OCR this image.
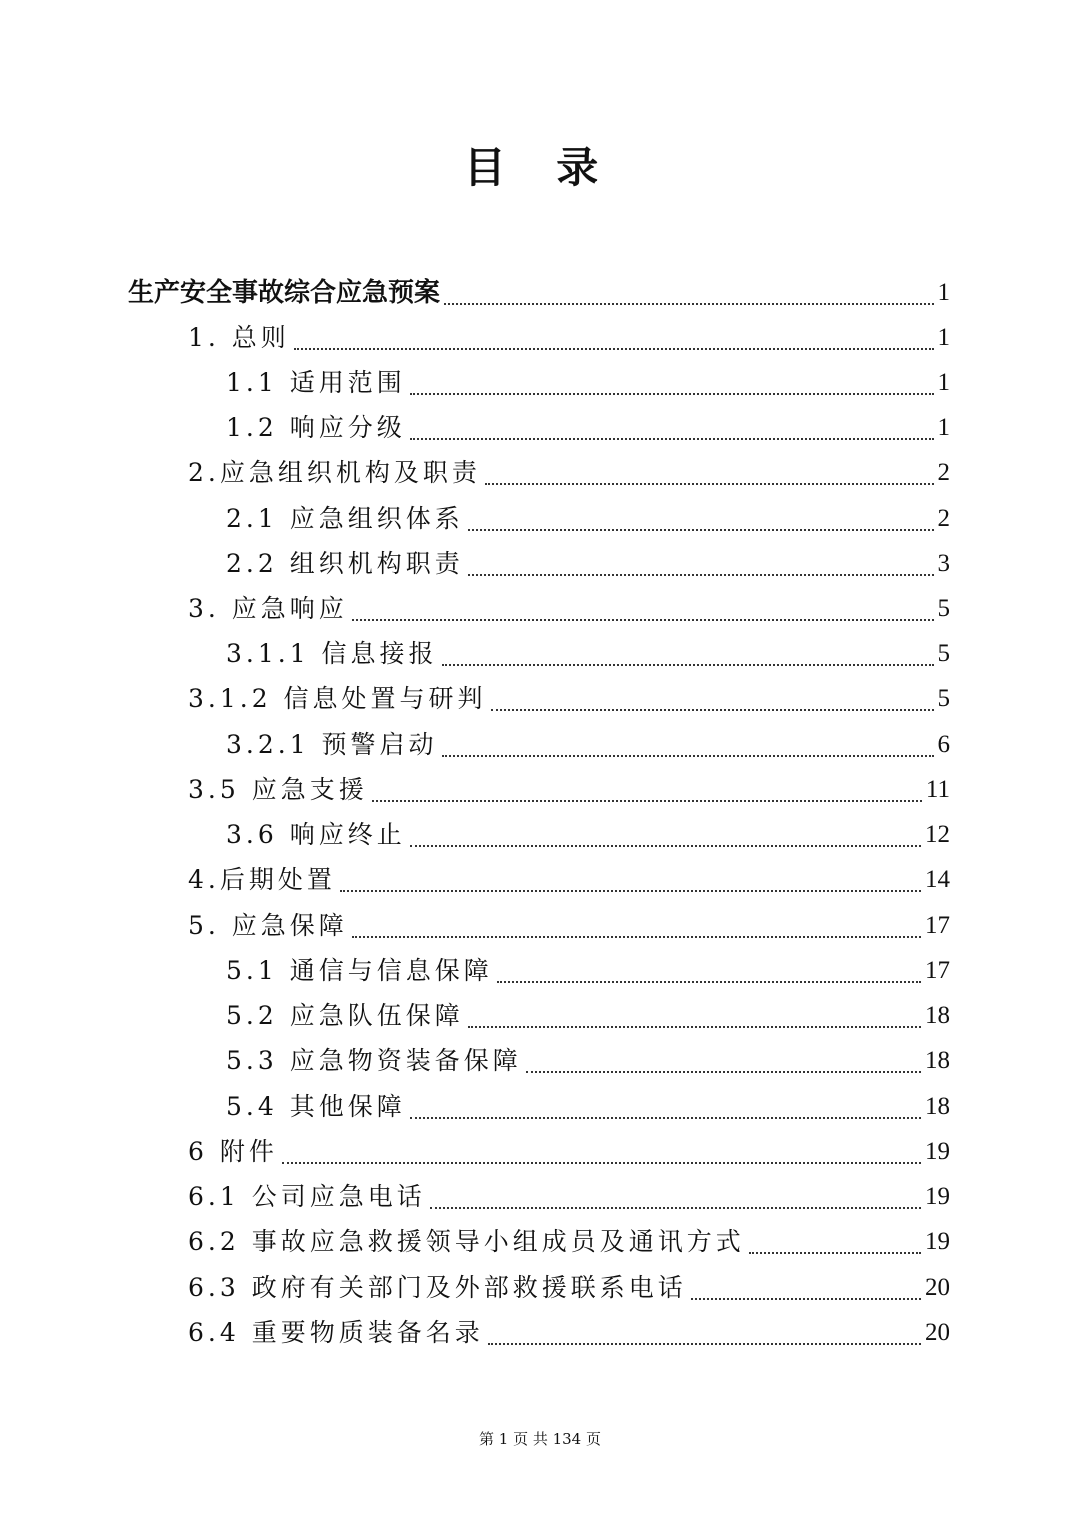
目 录
生产安全事故综合应急预案	1
1. 总则	1
1.1 适用范围	1
1.2 响应分级	1
2.应急组织机构及职责	2
2.1 应急组织体系	2
2.2 组织机构职责	3
3. 应急响应	5
3.1.1 信息接报	5
3.1.2 信息处置与研判	5
3.2.1 预警启动	6
3.5 应急支援	11
3.6 响应终止	12
4.后期处置	14
5. 应急保障	17
5.1 通信与信息保障	17
5.2 应急队伍保障	18
5.3 应急物资装备保障	18
5.4 其他保障	18
6 附件	19
6.1 公司应急电话	19
6.2 事故应急救援领导小组成员及通讯方式	19
6.3 政府有关部门及外部救援联系电话	20
6.4 重要物质装备名录	20
第 1 页 共 134 页
